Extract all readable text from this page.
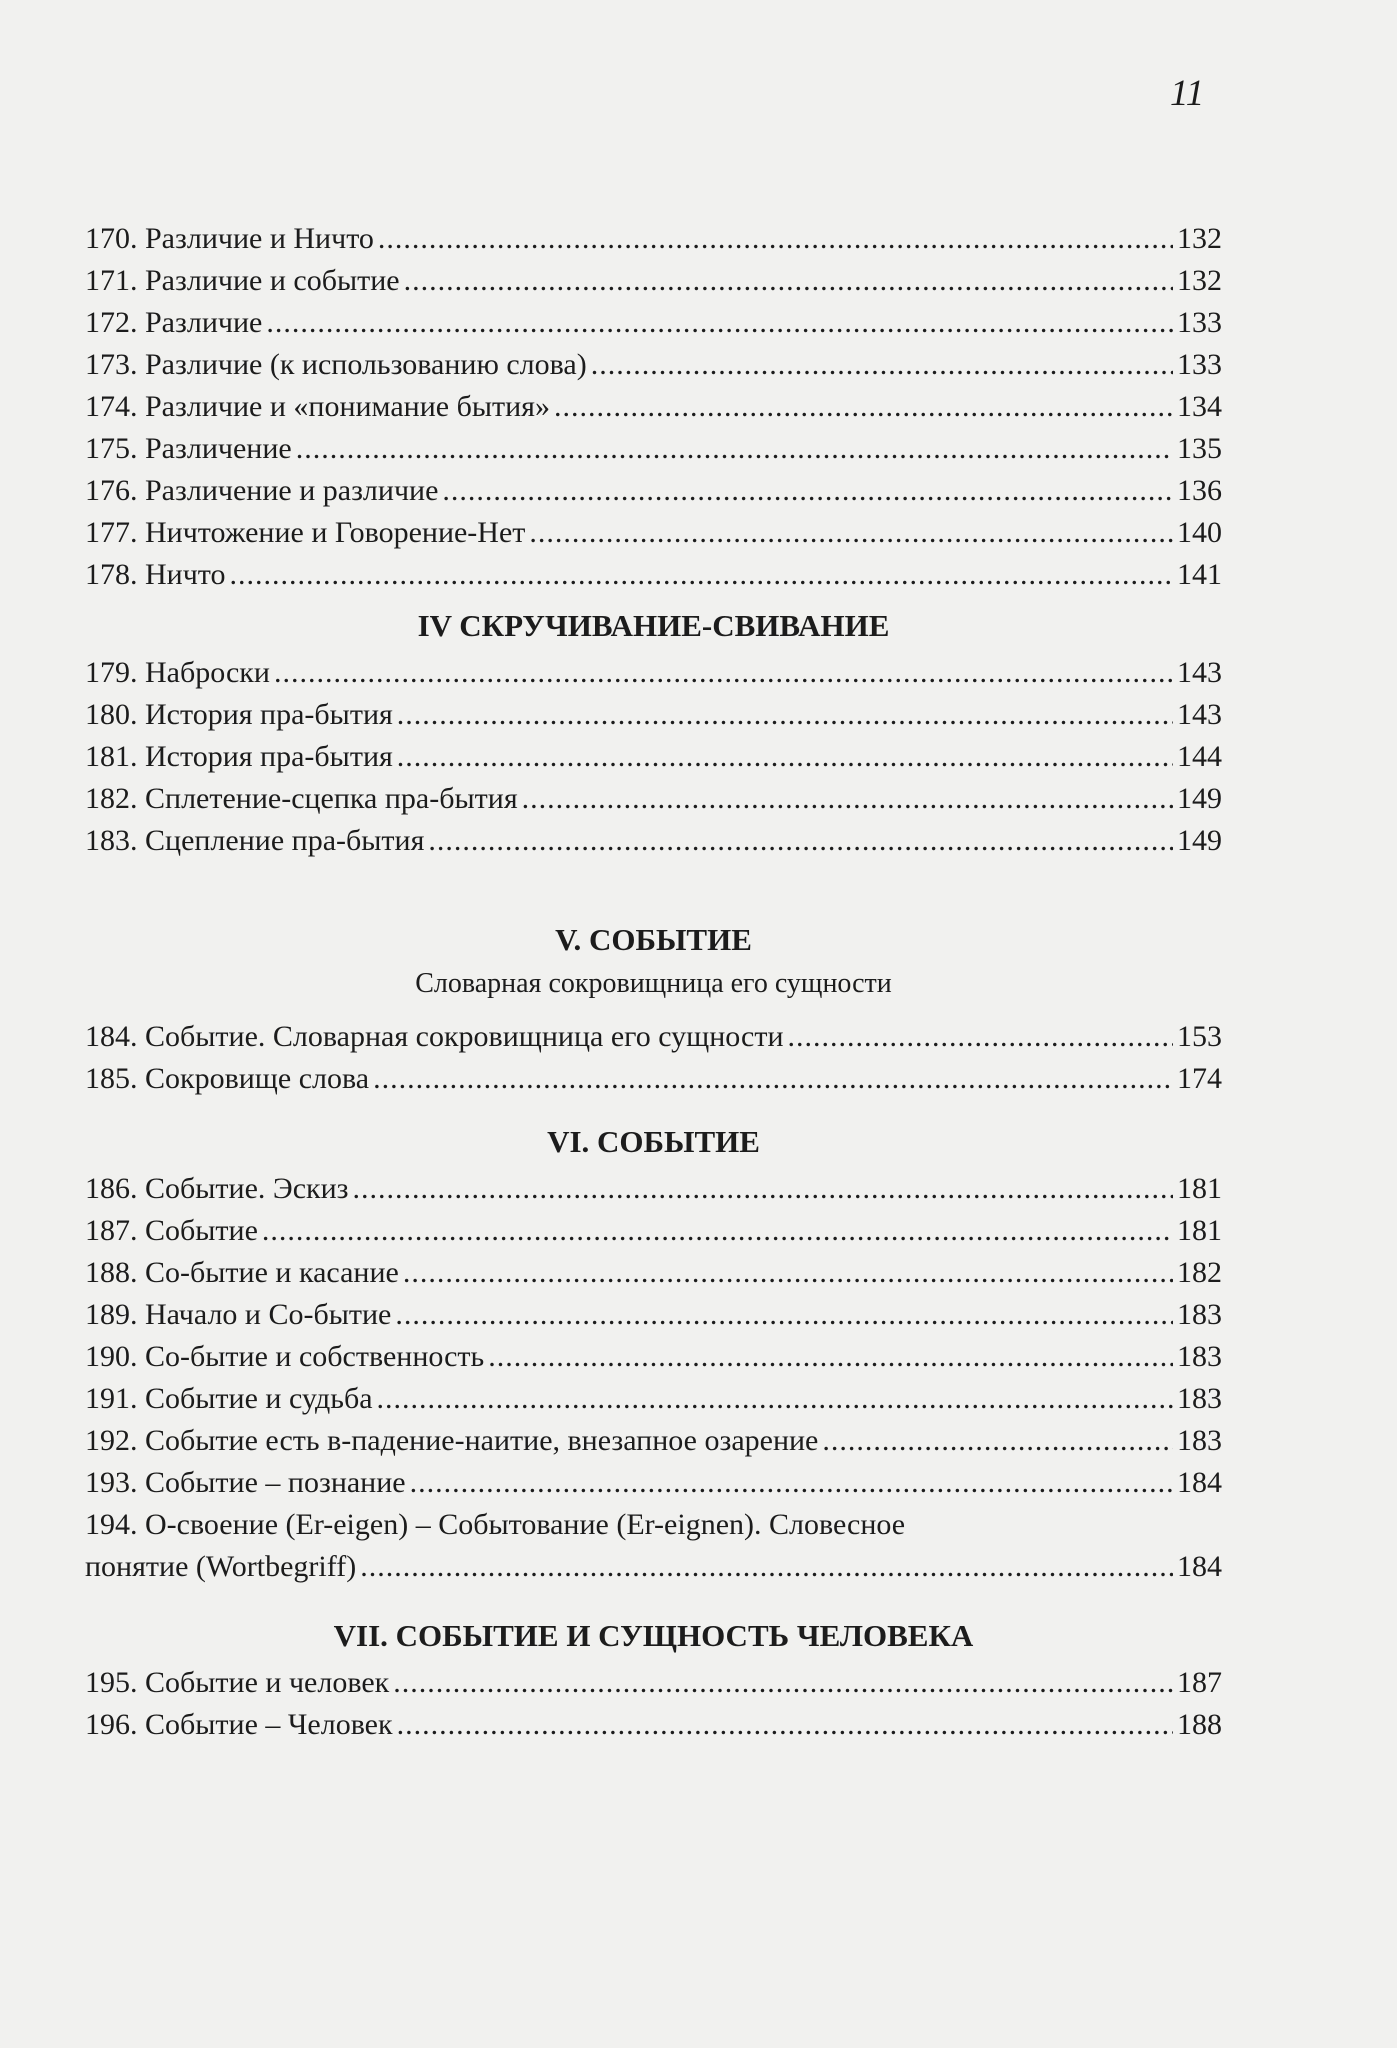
11
170. Различие и Ничто .....	132
171. Различие и событие .....	132
172. Различие .....	133
173. Различие (к использованию слова) .....	133
174. Различие и «понимание бытия» .....	134
175. Различение .....	135
176. Различение и различие .....	136
177. Ничтожение и Говорение-Нет .....	140
178. Ничто .....	141
IV СКРУЧИВАНИЕ-СВИВАНИЕ
179. Наброски .....	143
180. История пра-бытия .....	143
181. История пра-бытия .....	144
182. Сплетение-сцепка пра-бытия .....	149
183. Сцепление пра-бытия .....	149
V. СОБЫТИЕ
Словарная сокровищница его сущности
184. Событие. Словарная сокровищница его сущности .....	153
185. Сокровище слова .....	174
VI. СОБЫТИЕ
186. Событие. Эскиз .....	181
187. Событие .....	181
188. Со-бытие и касание .....	182
189. Начало и Со-бытие .....	183
190. Со-бытие и собственность .....	183
191. Событие и судьба .....	183
192. Событие есть в-падение-наитие, внезапное озарение .....	183
193. Событие – познание .....	184
194. О-своение (Er-eigen) – Событование (Er-eignen). Словесное
понятие (Wortbegriff) .....	184
VII. СОБЫТИЕ И СУЩНОСТЬ ЧЕЛОВЕКА
195. Событие и человек .....	187
196. Событие – Человек .....	188
